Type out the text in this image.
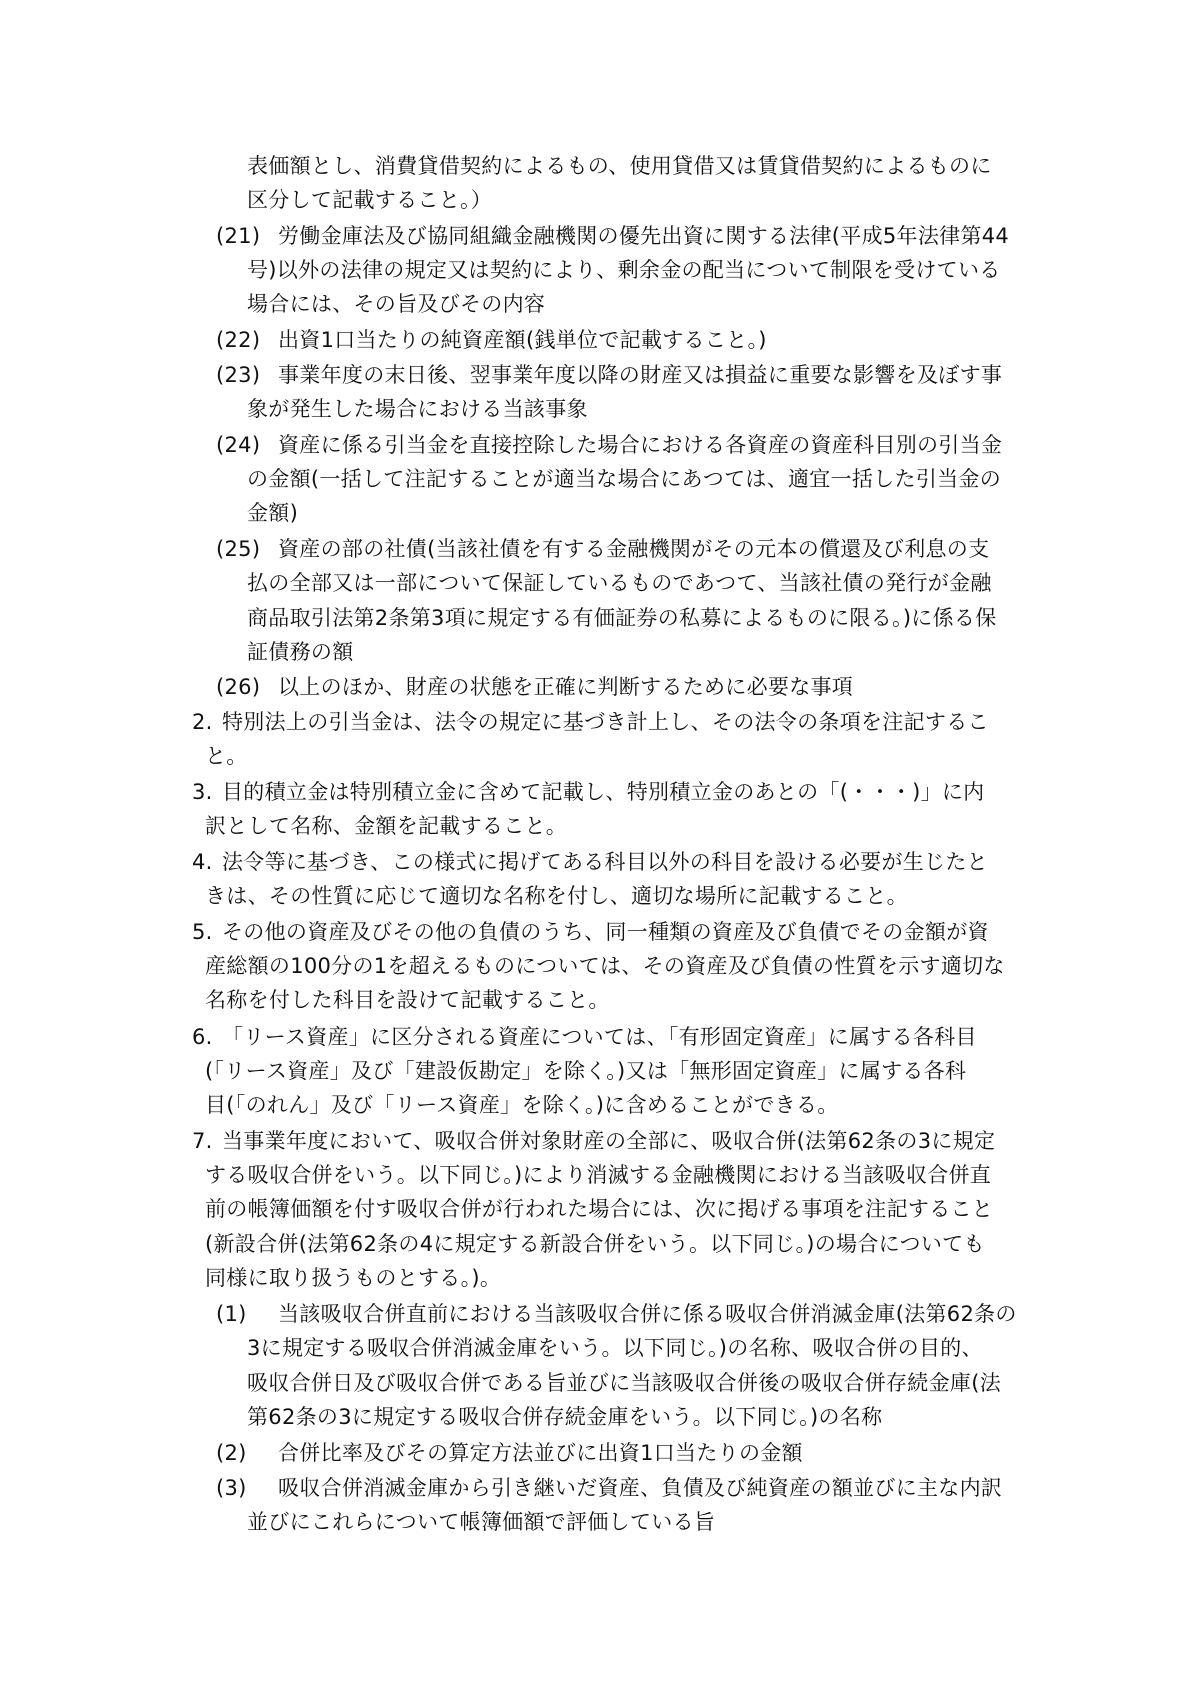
表価額とし、消費貸借契約によるもの、使用貸借又は賃貸借契約によるものに
区分して記載すること。）
(21) 労働金庫法及び協同組織金融機関の優先出資に関する法律(平成5年法律第44
号)以外の法律の規定又は契約により、剰余金の配当について制限を受けている
場合には、その旨及びその内容
(22) 出資1口当たりの純資産額(銭単位で記載すること。)
(23) 事業年度の末日後、翌事業年度以降の財産又は損益に重要な影響を及ぼす事
象が発生した場合における当該事象
(24) 資産に係る引当金を直接控除した場合における各資産の資産科目別の引当金
の金額(一括して注記することが適当な場合にあつては、適宜一括した引当金の
金額)
(25) 資産の部の社債(当該社債を有する金融機関がその元本の償還及び利息の支
払の全部又は一部について保証しているものであつて、当該社債の発行が金融
商品取引法第2条第3項に規定する有価証券の私募によるものに限る。)に係る保
証債務の額
(26) 以上のほか、財産の状態を正確に判断するために必要な事項
2. 特別法上の引当金は、法令の規定に基づき計上し、その法令の条項を注記するこ
と。
3. 目的積立金は特別積立金に含めて記載し、特別積立金のあとの「(・・・)」に内
訳として名称、金額を記載すること。
4. 法令等に基づき、この様式に掲げてある科目以外の科目を設ける必要が生じたと
きは、その性質に応じて適切な名称を付し、適切な場所に記載すること。
5. その他の資産及びその他の負債のうち、同一種類の資産及び負債でその金額が資
産総額の100分の1を超えるものについては、その資産及び負債の性質を示す適切な
名称を付した科目を設けて記載すること。
6. 「リース資産」に区分される資産については、「有形固定資産」に属する各科目
(「リース資産」及び「建設仮勘定」を除く。)又は「無形固定資産」に属する各科
目(「のれん」及び「リース資産」を除く。)に含めることができる。
7. 当事業年度において、吸収合併対象財産の全部に、吸収合併(法第62条の3に規定
する吸収合併をいう。以下同じ。)により消滅する金融機関における当該吸収合併直
前の帳簿価額を付す吸収合併が行われた場合には、次に掲げる事項を注記すること
(新設合併(法第62条の4に規定する新設合併をいう。以下同じ。)の場合についても
同様に取り扱うものとする。)。
(1) 当該吸収合併直前における当該吸収合併に係る吸収合併消滅金庫(法第62条の
3に規定する吸収合併消滅金庫をいう。以下同じ。)の名称、吸収合併の目的、
吸収合併日及び吸収合併である旨並びに当該吸収合併後の吸収合併存続金庫(法
第62条の3に規定する吸収合併存続金庫をいう。以下同じ。)の名称
(2) 合併比率及びその算定方法並びに出資1口当たりの金額
(3) 吸収合併消滅金庫から引き継いだ資産、負債及び純資産の額並びに主な内訳
並びにこれらについて帳簿価額で評価している旨
